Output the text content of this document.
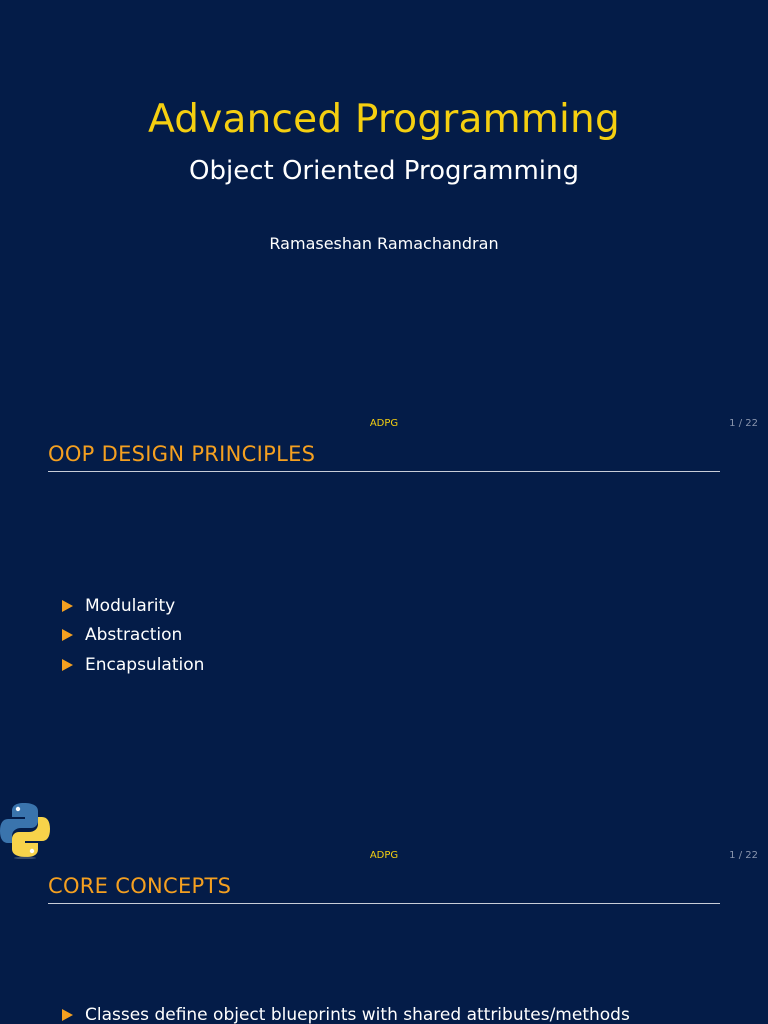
Advanced Programming
Object Oriented Programming
Ramaseshan Ramachandran
ADPG	1 / 22
OOP DESIGN PRINCIPLES
Modularity
Abstraction
Encapsulation
ADPG	1 / 22
CORE CONCEPTS
Classes define object blueprints with shared attributes/methods
